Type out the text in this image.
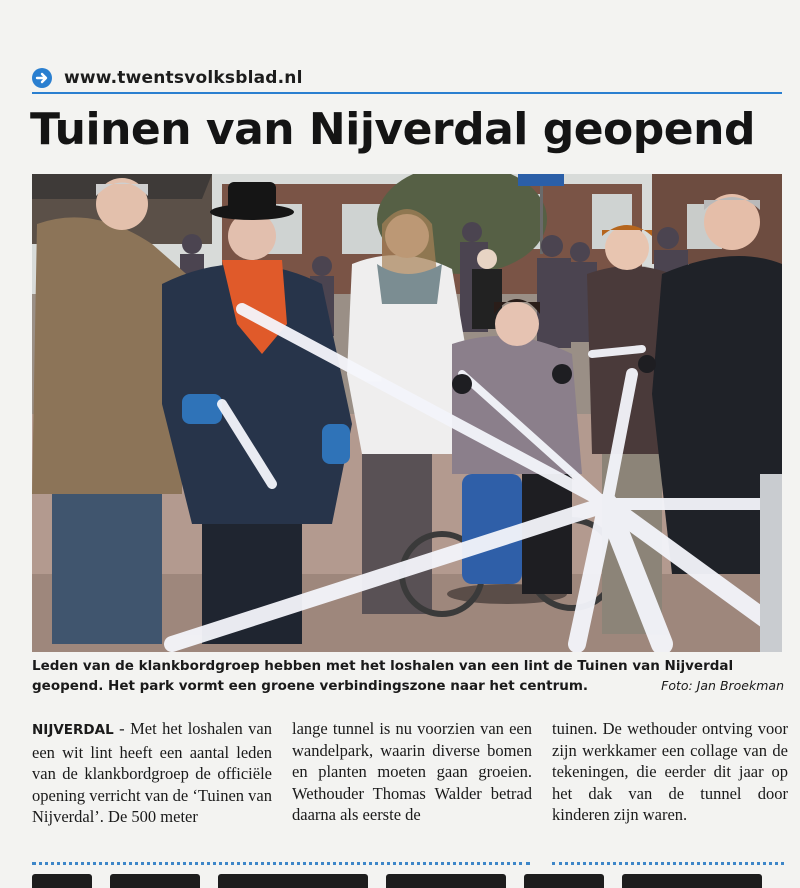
www.twentsvolksblad.nl
Tuinen van Nijverdal geopend

Leden van de klankbordgroep hebben met het loshalen van een lint de Tuinen van Nijverdal geopend. Het park vormt een groene verbindingszone naar het centrum.	Foto: Jan Broekman
NIJVERDAL - Met het loshalen van een wit lint heeft een aantal leden van de klankbordgroep de officiële opening verricht van de ‘Tuinen van Nijverdal’. De 500 meter
lange tunnel is nu voorzien van een wandelpark, waarin diverse bomen en planten moeten gaan groeien. Wethouder Thomas Walder betrad daarna als eerste de
tuinen. De wethouder ontving voor zijn werkkamer een collage van de tekeningen, die eerder dit jaar op het dak van de tunnel door kinderen zijn waren.
